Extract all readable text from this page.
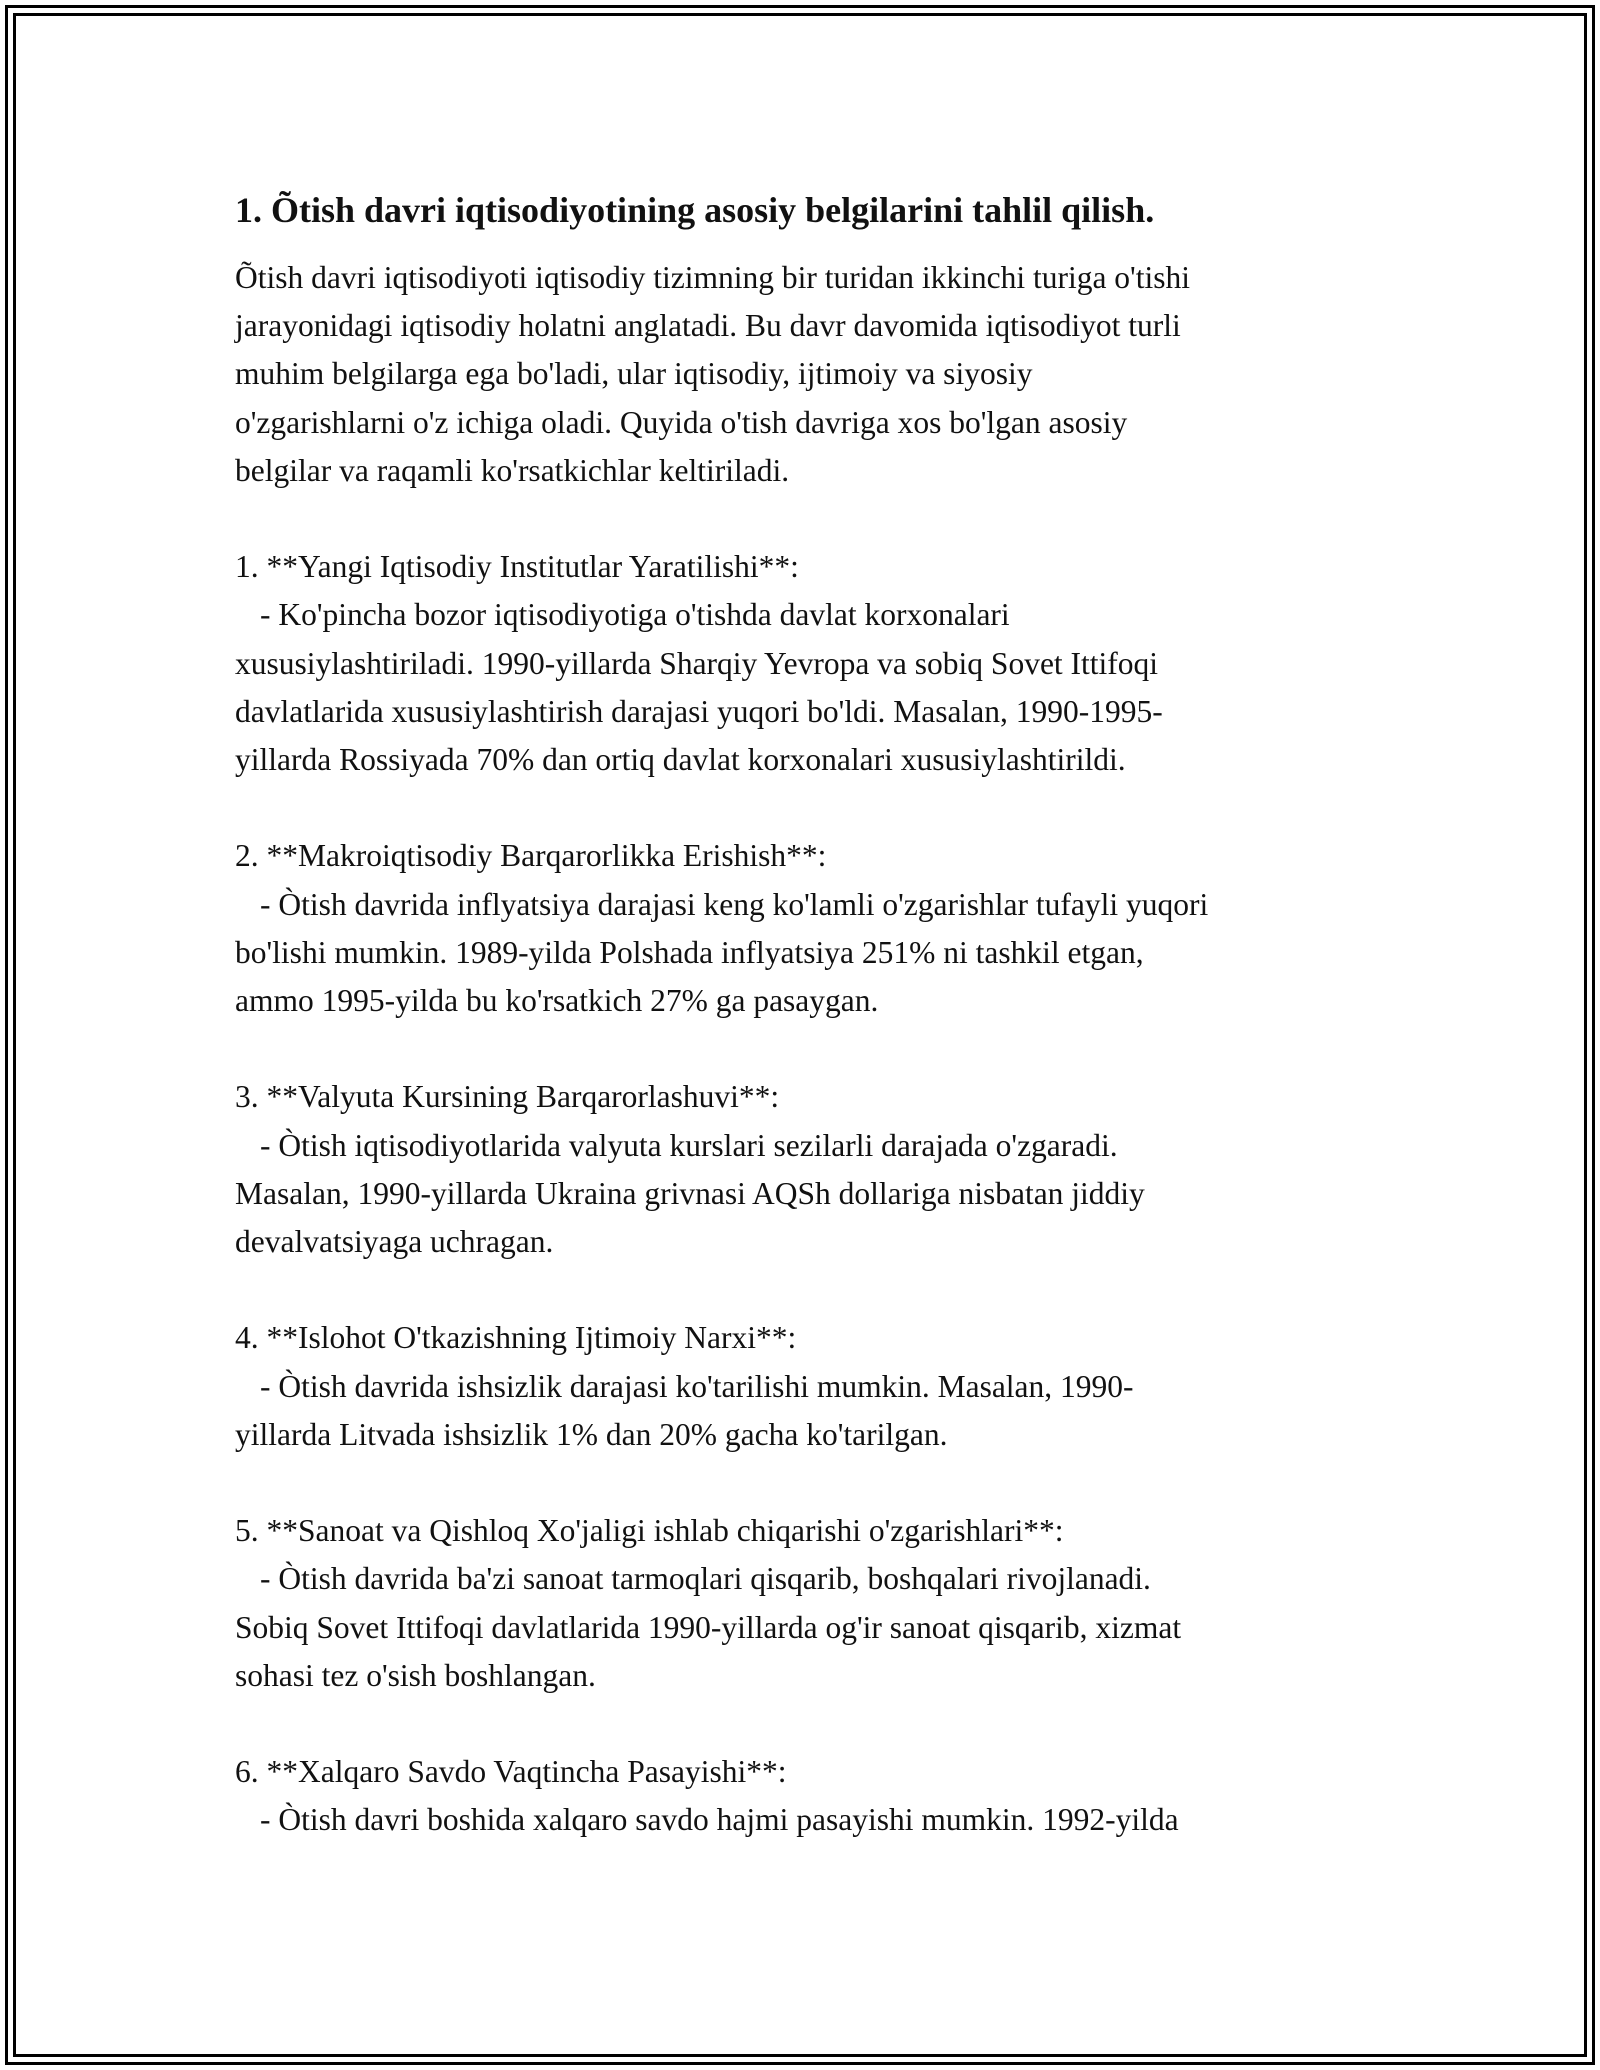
1. Õtish davri iqtisodiyotining asosiy belgilarini tahlil qilish.
Õtish davri iqtisodiyoti iqtisodiy tizimning bir turidan ikkinchi turiga o'tishi
jarayonidagi iqtisodiy holatni anglatadi. Bu davr davomida iqtisodiyot turli
muhim belgilarga ega bo'ladi, ular iqtisodiy, ijtimoiy va siyosiy
o'zgarishlarni o'z ichiga oladi. Quyida o'tish davriga xos bo'lgan asosiy
belgilar va raqamli ko'rsatkichlar keltiriladi.
1. **Yangi Iqtisodiy Institutlar Yaratilishi**:
- Ko'pincha bozor iqtisodiyotiga o'tishda davlat korxonalari
xususiylashtiriladi. 1990-yillarda Sharqiy Yevropa va sobiq Sovet Ittifoqi
davlatlarida xususiylashtirish darajasi yuqori bo'ldi. Masalan, 1990-1995-
yillarda Rossiyada 70% dan ortiq davlat korxonalari xususiylashtirildi.
2. **Makroiqtisodiy Barqarorlikka Erishish**:
- Òtish davrida inflyatsiya darajasi keng ko'lamli o'zgarishlar tufayli yuqori
bo'lishi mumkin. 1989-yilda Polshada inflyatsiya 251% ni tashkil etgan,
ammo 1995-yilda bu ko'rsatkich 27% ga pasaygan.
3. **Valyuta Kursining Barqarorlashuvi**:
- Òtish iqtisodiyotlarida valyuta kurslari sezilarli darajada o'zgaradi.
Masalan, 1990-yillarda Ukraina grivnasi AQSh dollariga nisbatan jiddiy
devalvatsiyaga uchragan.
4. **Islohot O'tkazishning Ijtimoiy Narxi**:
- Òtish davrida ishsizlik darajasi ko'tarilishi mumkin. Masalan, 1990-
yillarda Litvada ishsizlik 1% dan 20% gacha ko'tarilgan.
5. **Sanoat va Qishloq Xo'jaligi ishlab chiqarishi o'zgarishlari**:
- Òtish davrida ba'zi sanoat tarmoqlari qisqarib, boshqalari rivojlanadi.
Sobiq Sovet Ittifoqi davlatlarida 1990-yillarda og'ir sanoat qisqarib, xizmat
sohasi tez o'sish boshlangan.
6. **Xalqaro Savdo Vaqtincha Pasayishi**:
- Òtish davri boshida xalqaro savdo hajmi pasayishi mumkin. 1992-yilda
